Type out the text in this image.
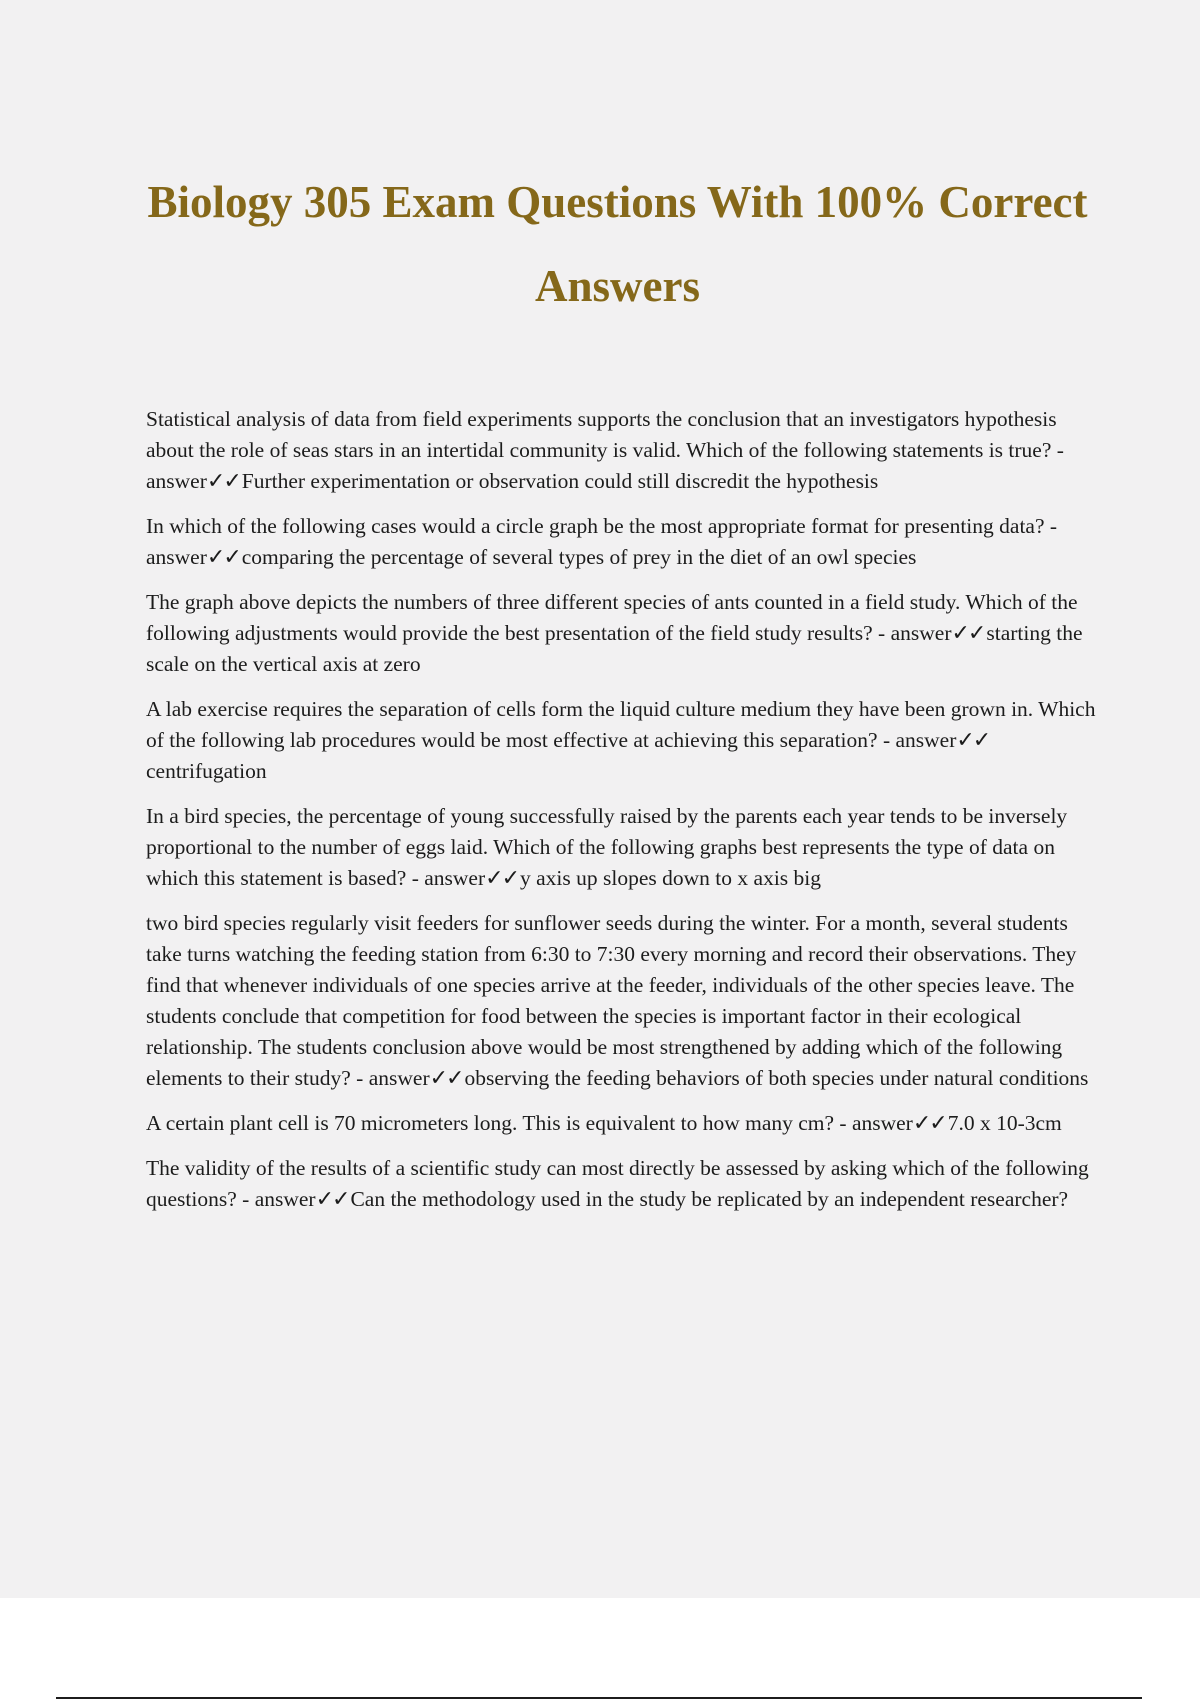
Biology 305 Exam Questions With 100% Correct Answers

Statistical analysis of data from field experiments supports the conclusion that an investigators hypothesis about the role of seas stars in an intertidal community is valid. Which of the following statements is true? - answer✓✓Further experimentation or observation could still discredit the hypothesis

In which of the following cases would a circle graph be the most appropriate format for presenting data? - answer✓✓comparing the percentage of several types of prey in the diet of an owl species

The graph above depicts the numbers of three different species of ants counted in a field study. Which of the following adjustments would provide the best presentation of the field study results? - answer✓✓starting the scale on the vertical axis at zero

A lab exercise requires the separation of cells form the liquid culture medium they have been grown in. Which of the following lab procedures would be most effective at achieving this separation? - answer✓✓centrifugation

In a bird species, the percentage of young successfully raised by the parents each year tends to be inversely proportional to the number of eggs laid. Which of the following graphs best represents the type of data on which this statement is based? - answer✓✓y axis up slopes down to x axis big

two bird species regularly visit feeders for sunflower seeds during the winter. For a month, several students take turns watching the feeding station from 6:30 to 7:30 every morning and record their observations. They find that whenever individuals of one species arrive at the feeder, individuals of the other species leave. The students conclude that competition for food between the species is important factor in their ecological relationship. The students conclusion above would be most strengthened by adding which of the following elements to their study? - answer✓✓observing the feeding behaviors of both species under natural conditions

A certain plant cell is 70 micrometers long. This is equivalent to how many cm? - answer✓✓7.0 x 10-3cm

The validity of the results of a scientific study can most directly be assessed by asking which of the following questions? - answer✓✓Can the methodology used in the study be replicated by an independent researcher?
